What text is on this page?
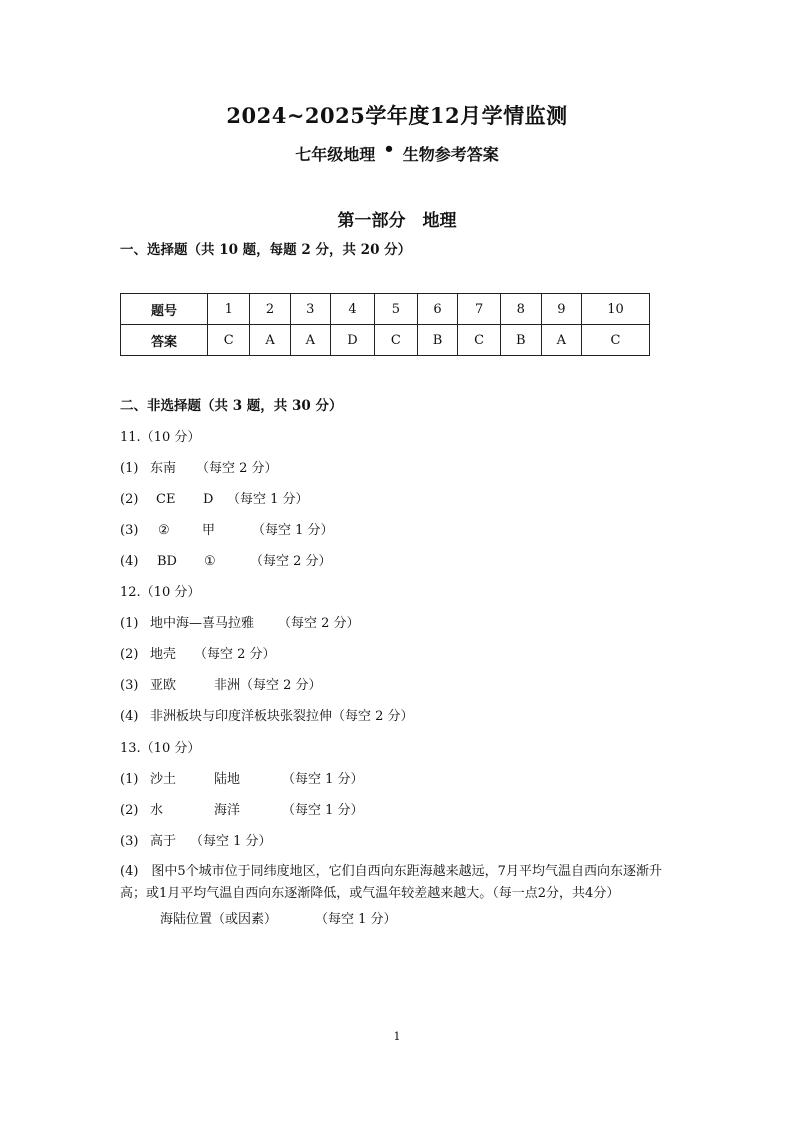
2024~2025学年度12月学情监测
七年级地理 • 生物参考答案
第一部分　地理
一、选择题（共 10 题，每题 2 分，共 20 分）
题号	1	2	3	4	5	6	7	8	9	10
答案	C	A	A	D	C	B	C	B	A	C
二、非选择题（共 3 题，共 30 分）
11.（10 分）
(1) 东南 （每空 2 分）
(2) CE D （每空 1 分）
(3) ② 甲	（每空 1 分）
(4) BD ①	（每空 2 分）
12.（10 分）
(1) 地中海—喜马拉雅 （每空 2 分）
(2) 地壳 （每空 2 分）
(3) 亚欧	非洲（每空 2 分）
(4) 非洲板块与印度洋板块张裂拉伸（每空 2 分）
13.（10 分）
(1) 沙土	陆地	（每空 1 分）
(2) 水	海洋	（每空 1 分）
(3) 高于 （每空 1 分）
(4)　图中5个城市位于同纬度地区，它们自西向东距海越来越远，7月平均气温自西向东逐渐升高；或1月平均气温自西向东逐渐降低，或气温年较差越来越大。（每一点2分，共4分）
海陆位置（或因素）	（每空 1 分）
1
